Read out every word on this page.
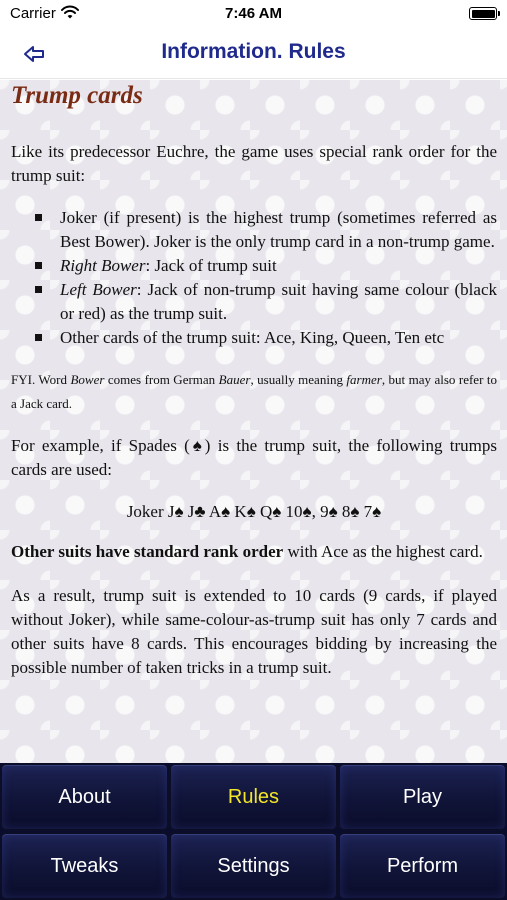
Carrier	7:46 AM
Information. Rules
Trump cards

Like its predecessor Euchre, the game uses special rank order for the trump suit:

Joker (if present) is the highest trump (sometimes referred as Best Bower). Joker is the only trump card in a non-trump game.
Right Bower: Jack of trump suit
Left Bower: Jack of non-trump suit having same colour (black or red) as the trump suit.
Other cards of the trump suit: Ace, King, Queen, Ten etc

FYI. Word Bower comes from German Bauer, usually meaning farmer, but may also refer to a Jack card.

For example, if Spades (♠) is the trump suit, the following trumps cards are used:

Joker J♠ J♣ A♠ K♠ Q♠ 10♠, 9♠ 8♠ 7♠

Other suits have standard rank order with Ace as the highest card.

As a result, trump suit is extended to 10 cards (9 cards, if played without Joker), while same-colour-as-trump suit has only 7 cards and other suits have 8 cards. This encourages bidding by increasing the possible number of taken tricks in a trump suit.

About	Rules	Play
Tweaks	Settings	Perform
